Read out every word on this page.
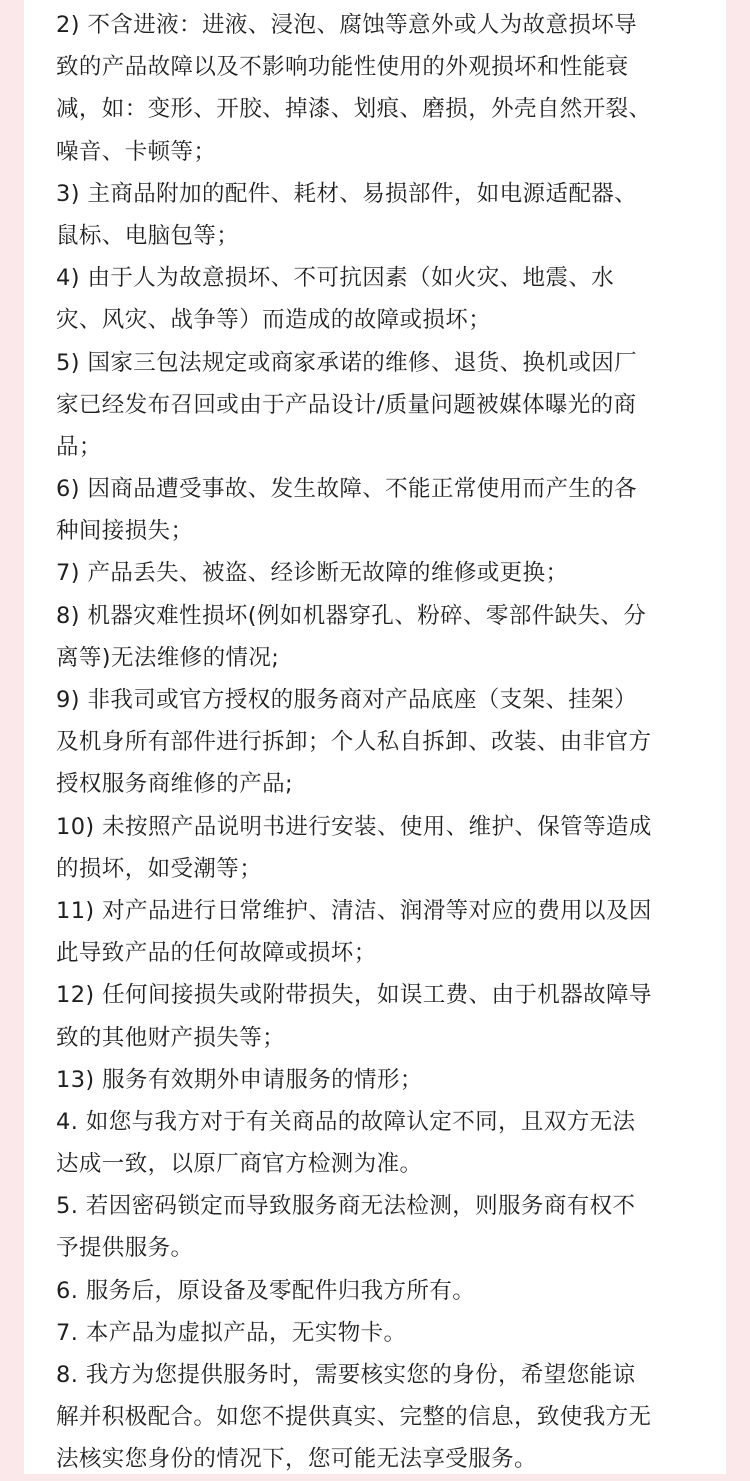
2) 不含进液：进液、浸泡、腐蚀等意外或人为故意损坏导
致的产品故障以及不影响功能性使用的外观损坏和性能衰
减，如：变形、开胶、掉漆、划痕、磨损，外壳自然开裂、
噪音、卡顿等；
3) 主商品附加的配件、耗材、易损部件，如电源适配器、
鼠标、电脑包等；
4) 由于人为故意损坏、不可抗因素（如火灾、地震、水
灾、风灾、战争等）而造成的故障或损坏；
5) 国家三包法规定或商家承诺的维修、退货、换机或因厂
家已经发布召回或由于产品设计/质量问题被媒体曝光的商
品；
6) 因商品遭受事故、发生故障、不能正常使用而产生的各
种间接损失；
7) 产品丢失、被盗、经诊断无故障的维修或更换；
8) 机器灾难性损坏(例如机器穿孔、粉碎、零部件缺失、分
离等)无法维修的情况;
9) 非我司或官方授权的服务商对产品底座（支架、挂架）
及机身所有部件进行拆卸；个人私自拆卸、改装、由非官方
授权服务商维修的产品;
10) 未按照产品说明书进行安装、使用、维护、保管等造成
的损坏，如受潮等；
11) 对产品进行日常维护、清洁、润滑等对应的费用以及因
此导致产品的任何故障或损坏；
12) 任何间接损失或附带损失，如误工费、由于机器故障导
致的其他财产损失等；
13) 服务有效期外申请服务的情形；
4. 如您与我方对于有关商品的故障认定不同，且双方无法
达成一致，以原厂商官方检测为准。
5. 若因密码锁定而导致服务商无法检测，则服务商有权不
予提供服务。
6. 服务后，原设备及零配件归我方所有。
7. 本产品为虚拟产品，无实物卡。
8. 我方为您提供服务时，需要核实您的身份，希望您能谅
解并积极配合。如您不提供真实、完整的信息，致使我方无
法核实您身份的情况下，您可能无法享受服务。
